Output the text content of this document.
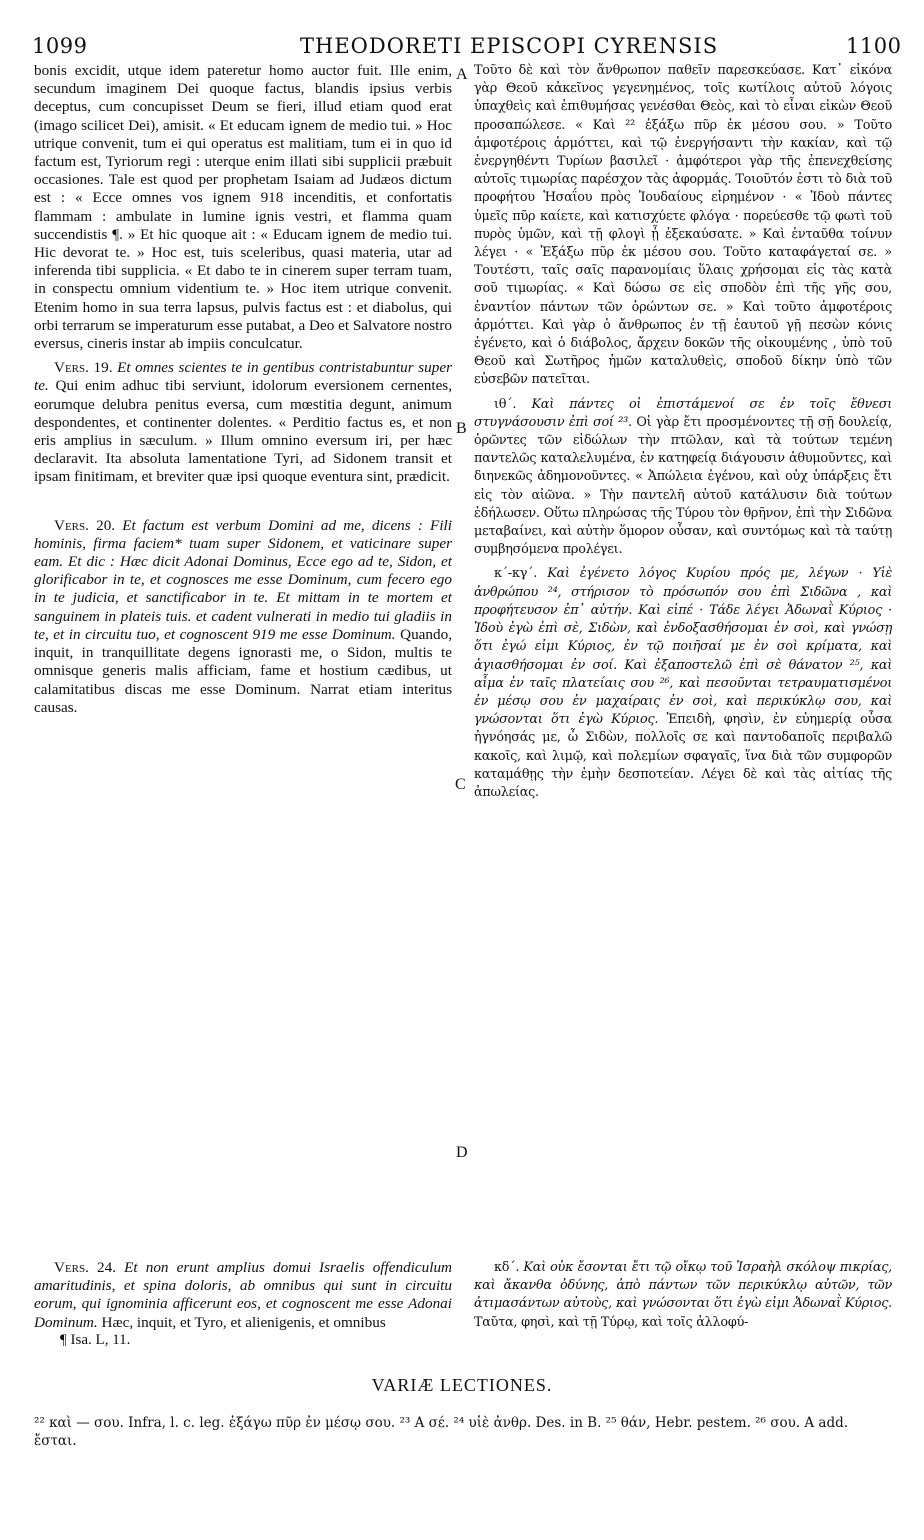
1099	THEODORETI EPISCOPI CYRENSIS	1100

bonis excidit, utque idem pateretur homo auctor fuit. Ille enim, secundum imaginem Dei quoque factus, blandis ipsius verbis deceptus, cum concupisset Deum se fieri, illud etiam quod erat (imago scilicet Dei), amisit. « Et educam ignem de medio tui. » Hoc utrique convenit, tum ei qui operatus est malitiam, tum ei in quo id factum est, Tyriorum regi : uterque enim illati sibi supplicii præbuit occasiones. Tale est quod per prophetam Isaiam ad Judæos dictum est : « Ecce omnes vos ignem 918 incenditis, et confortatis flammam : ambulate in lumine ignis vestri, et flamma quam succendistis ¶. » Et hic quoque ait : « Educam ignem de medio tui. Hic devorat te. » Hoc est, tuis sceleribus, quasi materia, utar ad inferenda tibi supplicia. « Et dabo te in cinerem super terram tuam, in conspectu omnium videntium te. » Hoc item utrique convenit. Etenim homo in sua terra lapsus, pulvis factus est : et diabolus, qui orbi terrarum se imperaturum esse putabat, a Deo et Salvatore nostro eversus, cineris instar ab impiis conculcatur.

Vers. 19. Et omnes scientes te in gentibus contristabuntur super te. Qui enim adhuc tibi serviunt, idolorum eversionem cernentes, eorumque delubra penitus eversa, cum mœstitia degunt, animum despondentes, et continenter dolentes. « Perditio factus es, et non eris amplius in sæculum. » Illum omnino eversum iri, per hæc declaravit. Ita absoluta lamentatione Tyri, ad Sidonem transit et ipsam finitimam, et breviter quæ ipsi quoque eventura sint, prædicit.

Vers. 20. Et factum est verbum Domini ad me, dicens : Fili hominis, firma faciem* tuam super Sidonem, et vaticinare super eam. Et dic : Hæc dicit Adonai Dominus, Ecce ego ad te, Sidon, et glorificabor in te, et cognosces me esse Dominum, cum fecero ego in te judicia, et sanctificabor in te. Et mittam in te mortem et sanguinem in plateis tuis. et cadent vulnerati in medio tui gladiis in te, et in circuitu tuo, et cognoscent 919 me esse Dominum. Quando, inquit, in tranquillitate degens ignorasti me, o Sidon, multis te omnisque generis malis afficiam, fame et hostium cædibus, ut calamitatibus discas me esse Dominum. Narrat etiam interitus causas.

Vers. 24. Et non erunt amplius domui Israelis offendiculum amaritudinis, et spina doloris, ab omnibus qui sunt in circuitu eorum, qui ignominia afficerunt eos, et cognoscent me esse Adonai Dominum. Hæc, inquit, et Tyro, et alienigenis, et omnibus

Τοῦτο δὲ καὶ τὸν ἄνθρωπον παθεῖν παρεσκεύασε. Κατ᾽ εἰκόνα γὰρ Θεοῦ κἀκεῖνος γεγενημένος, τοῖς κωτίλοις αὐτοῦ λόγοις ὑπαχθεὶς καὶ ἐπιθυμήσας γενέσθαι Θεὸς, καὶ τὸ εἶναι εἰκὼν Θεοῦ προσαπώλεσε. « Καὶ ²² ἐξάξω πῦρ ἐκ μέσου σου. » Τοῦτο ἀμφοτέροις ἁρμόττει, καὶ τῷ ἐνεργήσαντι τὴν κακίαν, καὶ τῷ ἐνεργηθέντι Τυρίων βασιλεῖ · ἀμφότεροι γὰρ τῆς ἐπενεχθείσης αὐτοῖς τιμωρίας παρέσχον τὰς ἀφορμάς. Τοιοῦτόν ἐστι τὸ διὰ τοῦ προφήτου Ἡσαΐου πρὸς Ἰουδαίους εἰρημένον · « Ἰδοὺ πάντες ὑμεῖς πῦρ καίετε, καὶ κατισχύετε φλόγα · πορεύεσθε τῷ φωτὶ τοῦ πυρὸς ὑμῶν, καὶ τῇ φλογὶ ᾗ ἐξεκαύσατε. » Καὶ ἐνταῦθα τοίνυν λέγει · « Ἐξάξω πῦρ ἐκ μέσου σου. Τοῦτο καταφάγεταί σε. » Τουτέστι, ταῖς σαῖς παρανομίαις ὕλαις χρήσομαι εἰς τὰς κατὰ σοῦ τιμωρίας. « Καὶ δώσω σε εἰς σποδὸν ἐπὶ τῆς γῆς σου, ἐναντίον πάντων τῶν ὁρώντων σε. » Καὶ τοῦτο ἀμφοτέροις ἁρμόττει. Καὶ γὰρ ὁ ἄνθρωπος ἐν τῇ ἑαυτοῦ γῇ πεσὼν κόνις ἐγένετο, καὶ ὁ διάβολος, ἄρχειν δοκῶν τῆς οἰκουμένης , ὑπὸ τοῦ Θεοῦ καὶ Σωτῆρος ἡμῶν καταλυθεὶς, σποδοῦ δίκην ὑπὸ τῶν εὐσεβῶν πατεῖται.

ιθ΄. Καὶ πάντες οἱ ἐπιστάμενοί σε ἐν τοῖς ἔθνεσι στυγνάσουσιν ἐπὶ σοί ²³. Οἱ γὰρ ἔτι προσμένοντες τῇ σῇ δουλείᾳ, ὁρῶντες τῶν εἰδώλων τὴν πτῶλαν, καὶ τὰ τούτων τεμένη παντελῶς καταλελυμένα, ἐν κατηφείᾳ διάγουσιν ἀθυμοῦντες, καὶ διηνεκῶς ἀδημονοῦντες. « Ἀπώλεια ἐγένου, καὶ οὐχ ὑπάρξεις ἔτι εἰς τὸν αἰῶνα. » Τὴν παντελῆ αὐτοῦ κατάλυσιν διὰ τούτων ἐδήλωσεν. Οὕτω πληρώσας τῆς Τύρου τὸν θρῆνον, ἐπὶ τὴν Σιδῶνα μεταβαίνει, καὶ αὐτὴν ὅμορον οὖσαν, καὶ συντόμως καὶ τὰ ταύτῃ συμβησόμενα προλέγει.

κ΄-κγ΄. Καὶ ἐγένετο λόγος Κυρίου πρός με, λέγων · Υἱὲ ἀνθρώπου ²⁴, στήρισον τὸ πρόσωπόν σου ἐπὶ Σιδῶνα , καὶ προφήτευσον ἐπ᾽ αὐτήν. Καὶ εἰπέ · Τάδε λέγει Ἀδωναῒ Κύριος · Ἰδοὺ ἐγὼ ἐπὶ σὲ, Σιδὼν, καὶ ἐνδοξασθήσομαι ἐν σοὶ, καὶ γνώσῃ ὅτι ἐγώ εἰμι Κύριος, ἐν τῷ ποιῆσαί με ἐν σοὶ κρίματα, καὶ ἁγιασθήσομαι ἐν σοί. Καὶ ἐξαποστελῶ ἐπὶ σὲ θάνατον ²⁵, καὶ αἷμα ἐν ταῖς πλατείαις σου ²⁶, καὶ πεσοῦνται τετραυματισμένοι ἐν μέσῳ σου ἐν μαχαίραις ἐν σοὶ, καὶ περικύκλῳ σου, καὶ γνώσονται ὅτι ἐγὼ Κύριος. Ἐπειδὴ, φησὶν, ἐν εὐημερίᾳ οὖσα ἠγνόησάς με, ὦ Σιδὼν, πολλοῖς σε καὶ παντοδαποῖς περιβαλῶ κακοῖς, καὶ λιμῷ, καὶ πολεμίων σφαγαῖς, ἵνα διὰ τῶν συμφορῶν καταμάθῃς τὴν ἐμὴν δεσποτείαν. Λέγει δὲ καὶ τὰς αἰτίας τῆς ἀπωλείας.

κδ΄. Καὶ οὐκ ἔσονται ἔτι τῷ οἴκῳ τοῦ Ἰσραὴλ σκόλοψ πικρίας, καὶ ἄκανθα ὀδύνης, ἀπὸ πάντων τῶν περικύκλῳ αὐτῶν, τῶν ἀτιμασάντων αὐτοὺς, καὶ γνώσονται ὅτι ἐγὼ εἰμι Ἀδωναῒ Κύριος. Ταῦτα, φησὶ, καὶ τῇ Τύρῳ, καὶ τοῖς ἀλλοφύ-

A
B
C
D
¶ Isa. L, 11.
VARIÆ LECTIONES.

²² καὶ — σου. Infra, l. c. leg. ἐξάγω πῦρ ἐν μέσῳ σου. ²³ A σέ. ²⁴ υἱὲ ἀνθρ. Des. in B. ²⁵ θάν, Hebr. pestem. ²⁶ σου. A add. ἔσται.
